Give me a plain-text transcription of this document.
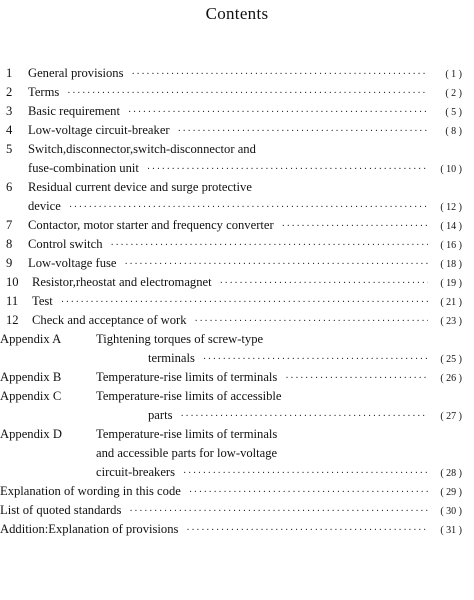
Contents
1	General provisions ·····	( 1 )
2	Terms ·····	( 2 )
3	Basic requirement ·····	( 5 )
4	Low-voltage circuit-breaker ·····	( 8 )
5	Switch,disconnector,switch-disconnector and
fuse-combination unit ·····	( 10 )
6	Residual current device and surge protective
device ·····	( 12 )
7	Contactor, motor starter and frequency converter ·····	( 14 )
8	Control switch ·····	( 16 )
9	Low-voltage fuse ·····	( 18 )
10	Resistor,rheostat and electromagnet ·····	( 19 )
11	Test ·····	( 21 )
12	Check and acceptance of work ·····	( 23 )
Appendix A	Tightening torques of screw-type
terminals ·····	( 25 )
Appendix B	Temperature-rise limits of terminals ·····	( 26 )
Appendix C	Temperature-rise limits of accessible
parts ·····	( 27 )
Appendix D	Temperature-rise limits of terminals
and accessible parts for low-voltage
circuit-breakers ·····	( 28 )
Explanation of wording in this code ·····	( 29 )
List of quoted standards ·····	( 30 )
Addition:Explanation of provisions ·····	( 31 )
